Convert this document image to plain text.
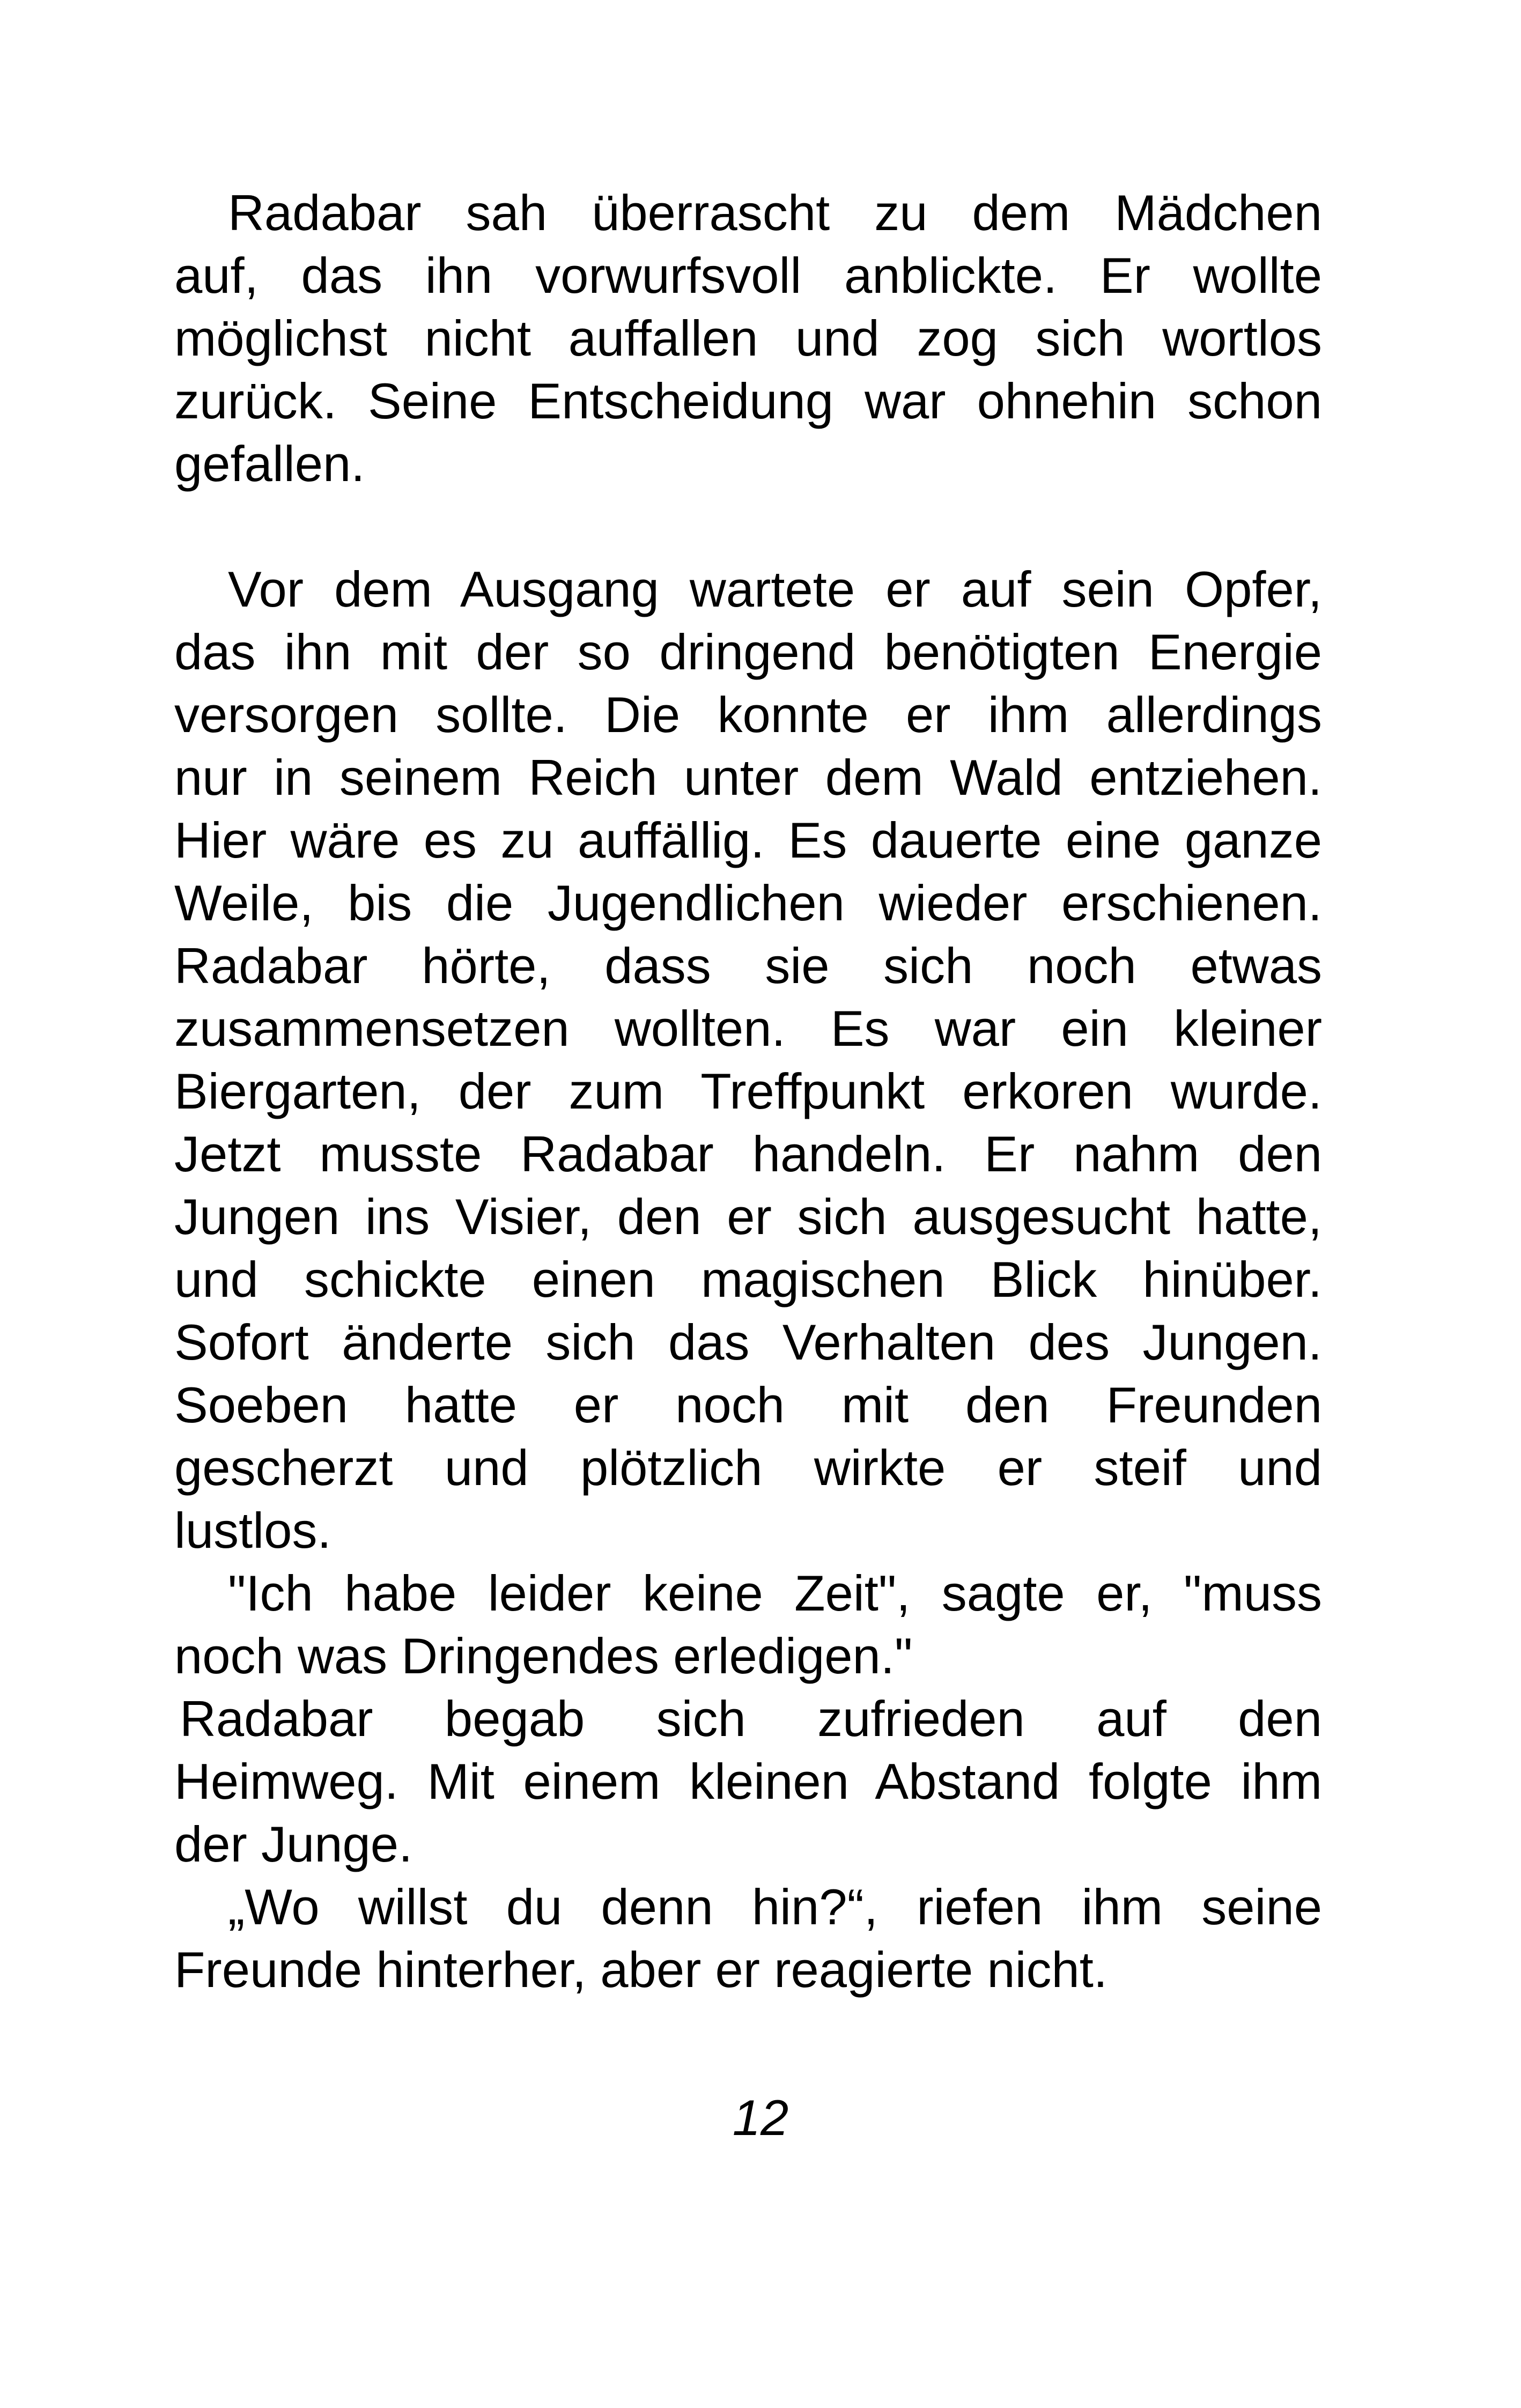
Radabar sah überrascht zu dem Mädchen
auf, das ihn vorwurfsvoll anblickte. Er wollte
möglichst nicht auffallen und zog sich wortlos
zurück. Seine Entscheidung war ohnehin schon
gefallen.
Vor dem Ausgang wartete er auf sein Opfer,
das ihn mit der so dringend benötigten Energie
versorgen sollte. Die konnte er ihm allerdings
nur in seinem Reich unter dem Wald entziehen.
Hier wäre es zu auffällig. Es dauerte eine ganze
Weile, bis die Jugendlichen wieder erschienen.
Radabar hörte, dass sie sich noch etwas
zusammensetzen wollten. Es war ein kleiner
Biergarten, der zum Treffpunkt erkoren wurde.
Jetzt musste Radabar handeln. Er nahm den
Jungen ins Visier, den er sich ausgesucht hatte,
und schickte einen magischen Blick hinüber.
Sofort änderte sich das Verhalten des Jungen.
Soeben hatte er noch mit den Freunden
gescherzt und plötzlich wirkte er steif und
lustlos.
"Ich habe leider keine Zeit", sagte er, "muss
noch was Dringendes erledigen."
Radabar begab sich zufrieden auf den
Heimweg. Mit einem kleinen Abstand folgte ihm
der Junge.
„Wo willst du denn hin?“, riefen ihm seine
Freunde hinterher, aber er reagierte nicht.
12
